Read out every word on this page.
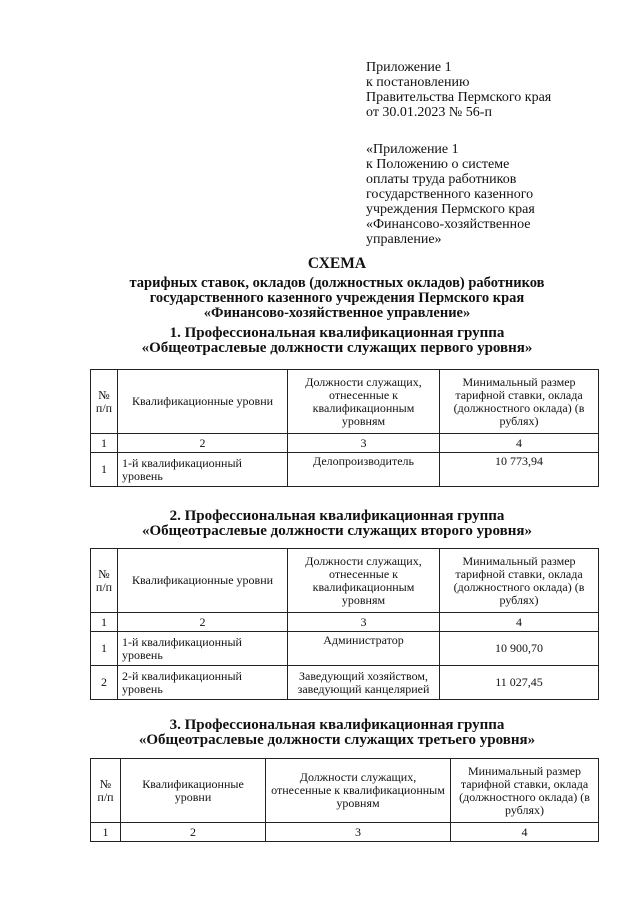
Приложение 1
к постановлению
Правительства Пермского края
от 30.01.2023 № 56-п
«Приложение 1
к Положению о системе
оплаты труда работников
государственного казенного
учреждения Пермского края
«Финансово-хозяйственное
управление»
СХЕМА
тарифных ставок, окладов (должностных окладов) работников
государственного казенного учреждения Пермского края
«Финансово-хозяйственное управление»
1. Профессиональная квалификационная группа
«Общеотраслевые должности служащих первого уровня»
№ п/п	Квалификационные уровни	Должности служащих, отнесенные к квалификационным уровням	Минимальный размер тарифной ставки, оклада (должностного оклада) (в рублях)
1	2	3	4
1	1-й квалификационный уровень	Делопроизводитель	10 773,94
2. Профессиональная квалификационная группа
«Общеотраслевые должности служащих второго уровня»
№ п/п	Квалификационные уровни	Должности служащих, отнесенные к квалификационным уровням	Минимальный размер тарифной ставки, оклада (должностного оклада) (в рублях)
1	2	3	4
1	1-й квалификационный уровень	Администратор	10 900,70
2	2-й квалификационный уровень	Заведующий хозяйством, заведующий канцелярией	11 027,45
3. Профессиональная квалификационная группа
«Общеотраслевые должности служащих третьего уровня»
№ п/п	Квалификационные уровни	Должности служащих, отнесенные к квалификационным уровням	Минимальный размер тарифной ставки, оклада (должностного оклада) (в рублях)
1	2	3	4
